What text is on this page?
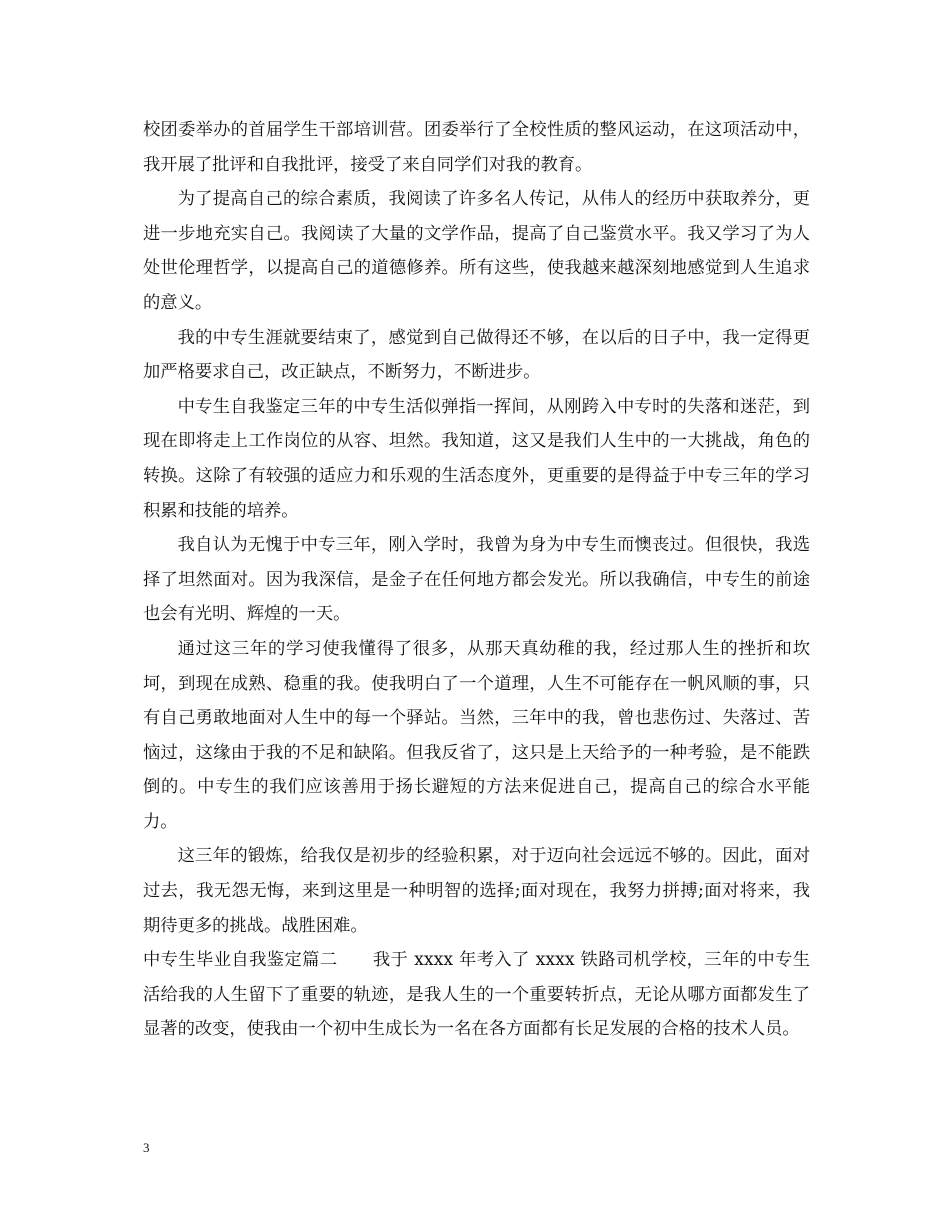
校团委举办的首届学生干部培训营。团委举行了全校性质的整风运动，在这项活动中，我开展了批评和自我批评，接受了来自同学们对我的教育。

为了提高自己的综合素质，我阅读了许多名人传记，从伟人的经历中获取养分，更进一步地充实自己。我阅读了大量的文学作品，提高了自己鉴赏水平。我又学习了为人处世伦理哲学，以提高自己的道德修养。所有这些，使我越来越深刻地感觉到人生追求的意义。

我的中专生涯就要结束了，感觉到自己做得还不够，在以后的日子中，我一定得更加严格要求自己，改正缺点，不断努力，不断进步。

中专生自我鉴定三年的中专生活似弹指一挥间，从刚跨入中专时的失落和迷茫，到现在即将走上工作岗位的从容、坦然。我知道，这又是我们人生中的一大挑战，角色的转换。这除了有较强的适应力和乐观的生活态度外，更重要的是得益于中专三年的学习积累和技能的培养。

我自认为无愧于中专三年，刚入学时，我曾为身为中专生而懊丧过。但很快，我选择了坦然面对。因为我深信，是金子在任何地方都会发光。所以我确信，中专生的前途也会有光明、辉煌的一天。

通过这三年的学习使我懂得了很多，从那天真幼稚的我，经过那人生的挫折和坎坷，到现在成熟、稳重的我。使我明白了一个道理，人生不可能存在一帆风顺的事，只有自己勇敢地面对人生中的每一个驿站。当然，三年中的我，曾也悲伤过、失落过、苦恼过，这缘由于我的不足和缺陷。但我反省了，这只是上天给予的一种考验，是不能跌倒的。中专生的我们应该善用于扬长避短的方法来促进自己，提高自己的综合水平能力。

这三年的锻炼，给我仅是初步的经验积累，对于迈向社会远远不够的。因此，面对过去，我无怨无悔，来到这里是一种明智的选择;面对现在，我努力拼搏;面对将来，我期待更多的挑战。战胜困难。

中专生毕业自我鉴定篇二　　我于 xxxx 年考入了 xxxx 铁路司机学校，三年的中专生活给我的人生留下了重要的轨迹，是我人生的一个重要转折点，无论从哪方面都发生了显著的改变，使我由一个初中生成长为一名在各方面都有长足发展的合格的技术人员。

3
